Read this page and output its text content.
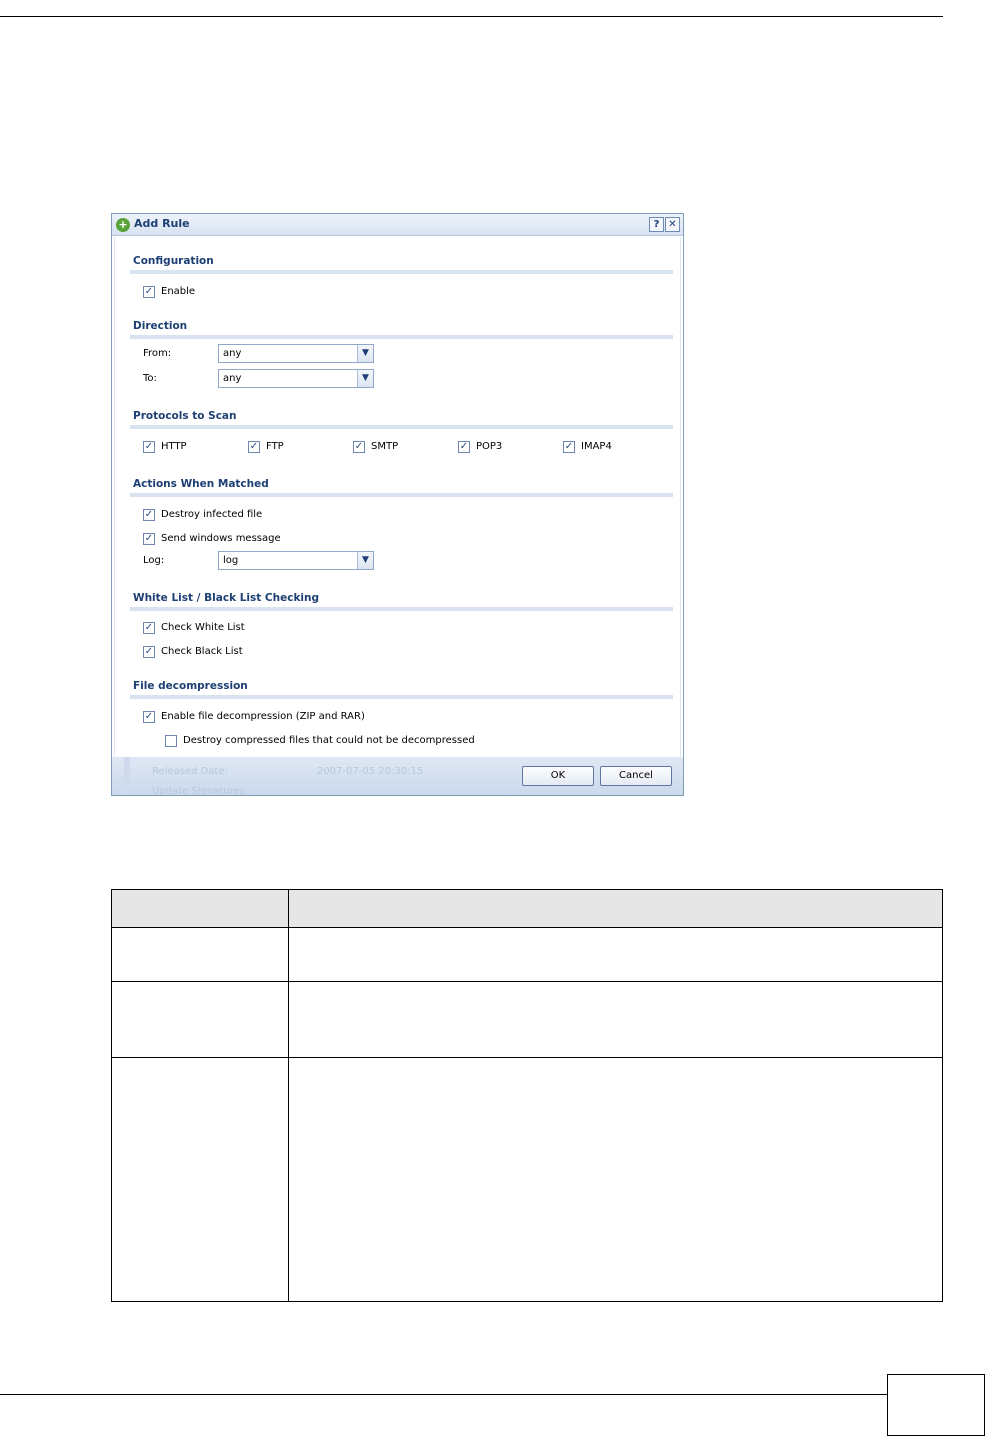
+ Add Rule	? ✕
Configuration
✓ Enable
Direction
From:	any	▼
To:	any	▼
Protocols to Scan
✓ HTTP	✓ FTP	✓ SMTP	✓ POP3	✓ IMAP4
Actions When Matched
✓ Destroy infected file
✓ Send windows message
Log:	log	▼
White List / Black List Checking
✓ Check White List
✓ Check Black List
File decompression
✓ Enable file decompression (ZIP and RAR)
Destroy compressed files that could not be decompressed
Released Date:	2007-07-05 20:30:15
Update Signatures
OK	Cancel
